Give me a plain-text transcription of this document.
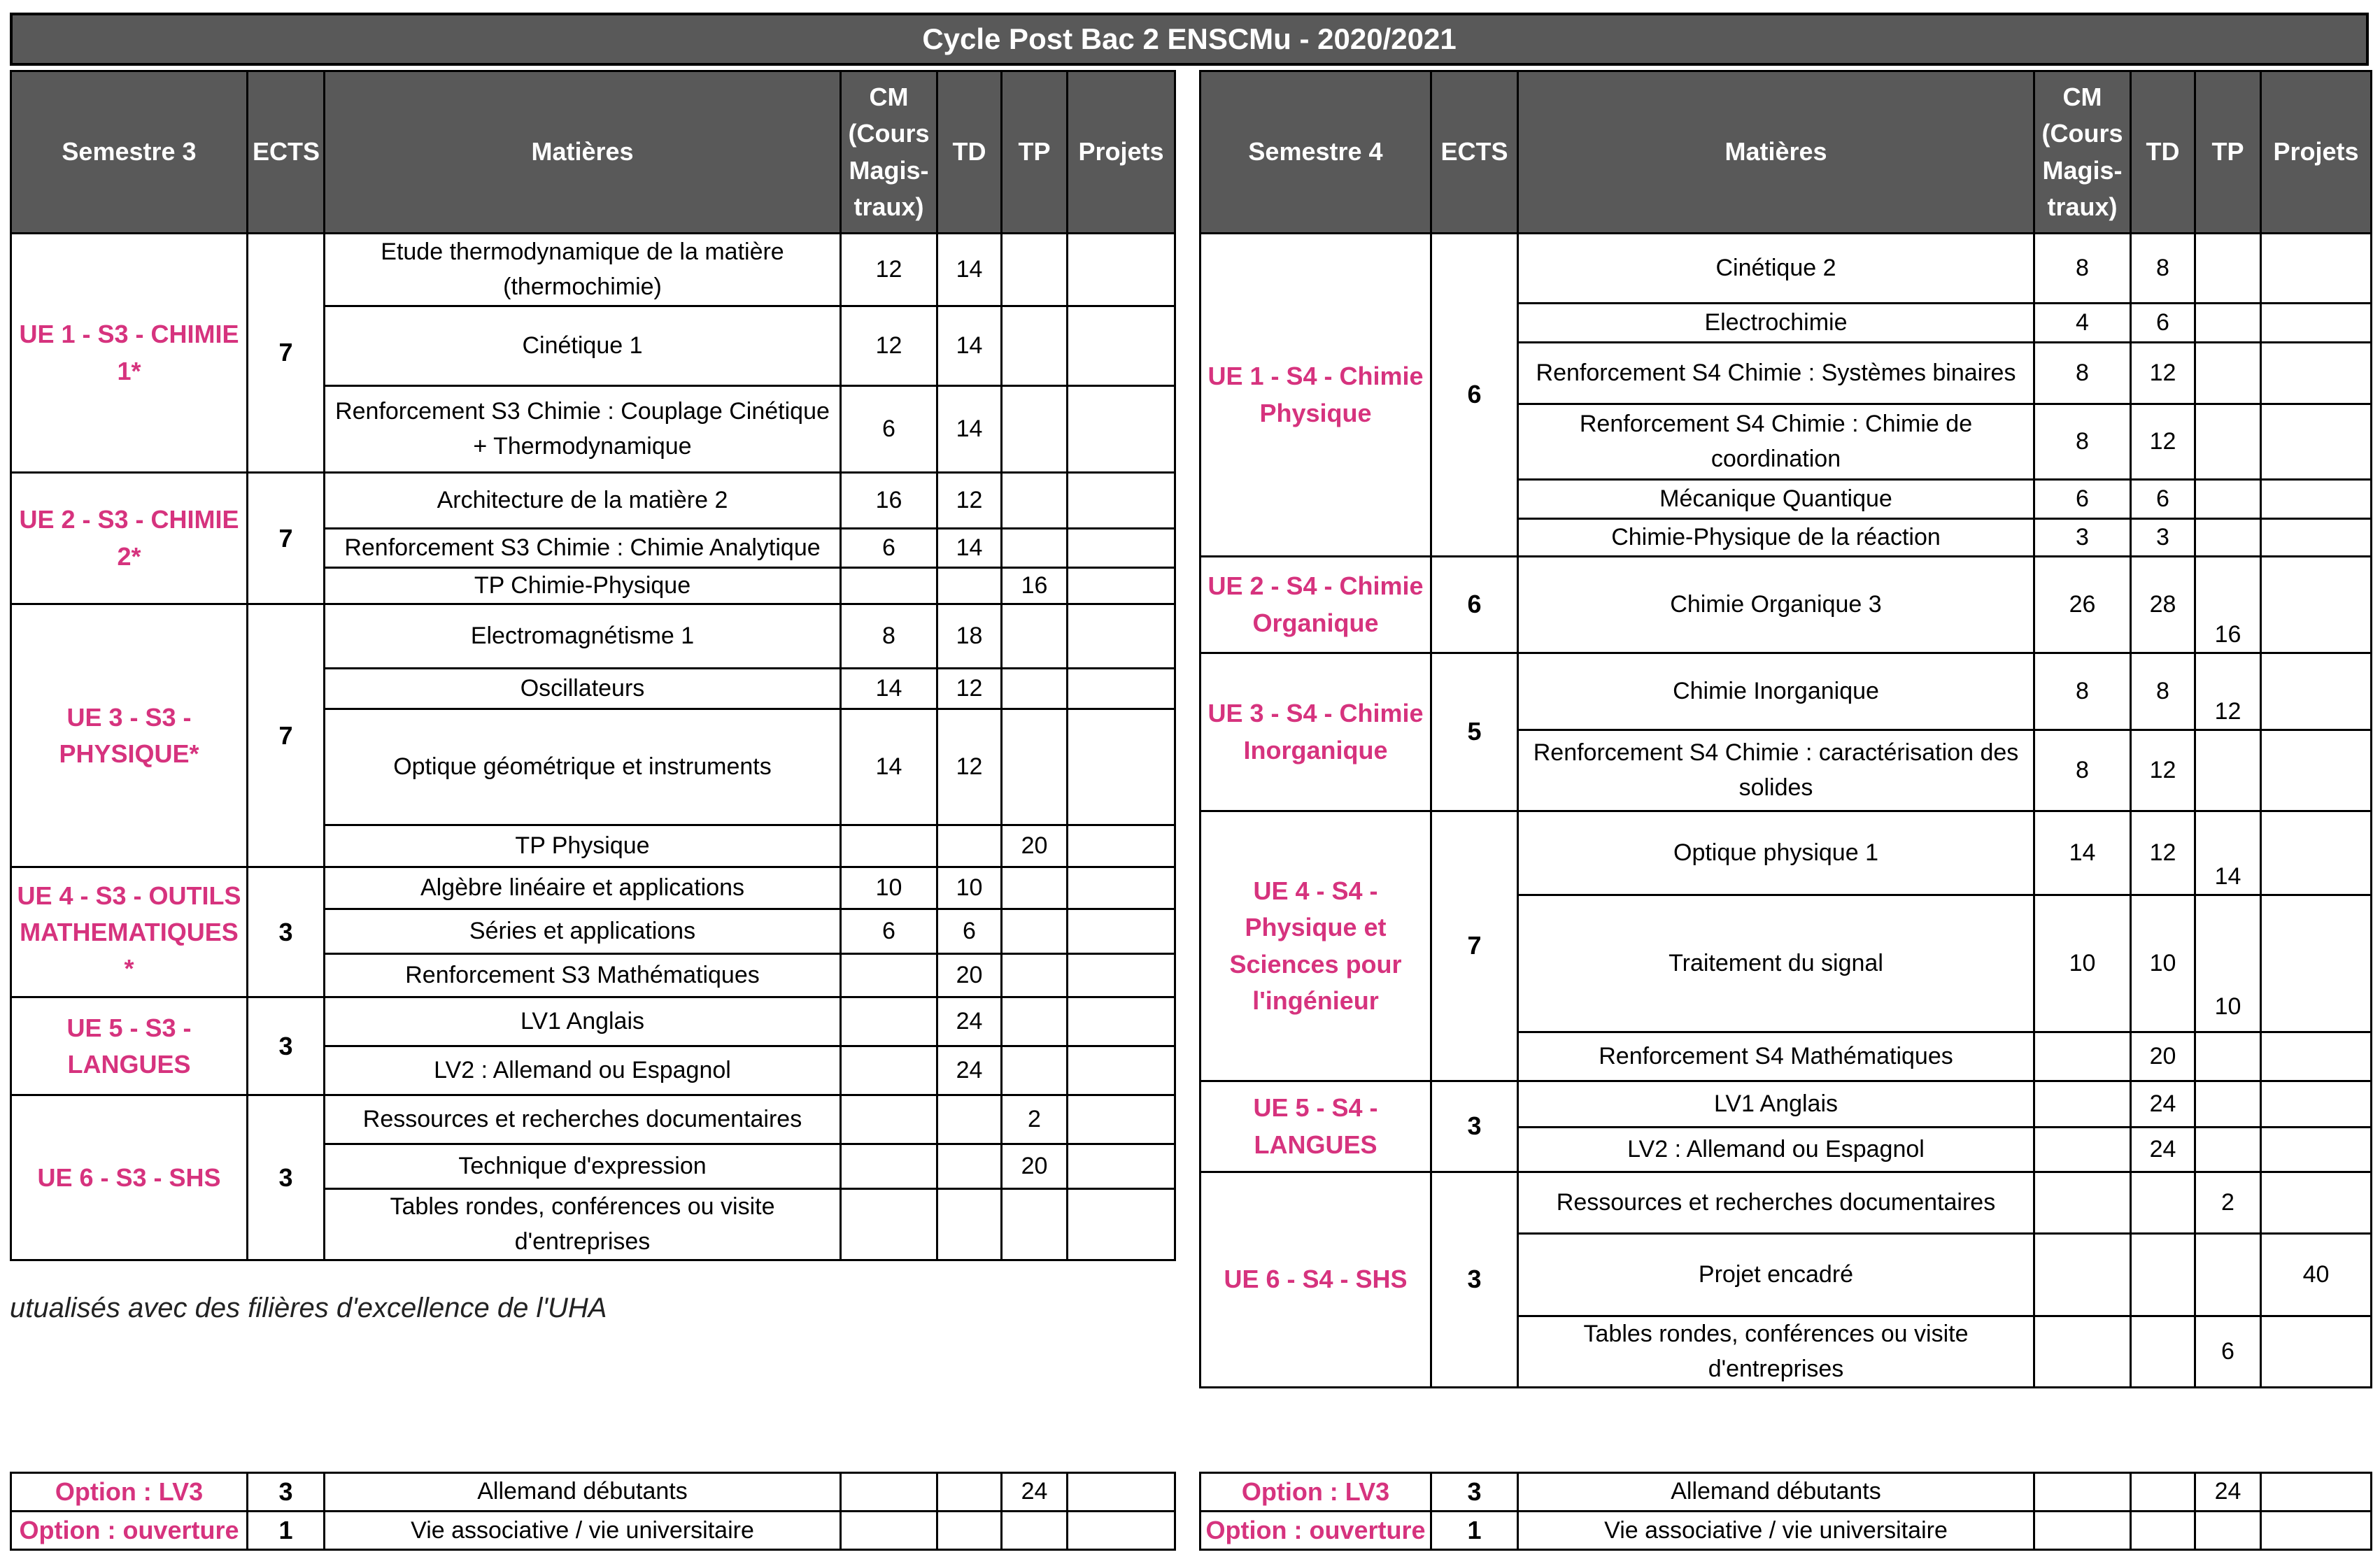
Cycle Post Bac 2 ENSCMu - 2020/2021
Semestre 3	ECTS	Matières	CM (Cours Magis-traux)	TD	TP	Projets
UE 1 - S3 - CHIMIE 1*	7	Etude thermodynamique de la matière (thermochimie)	12	14		
		Cinétique 1	12	14		
		Renforcement S3 Chimie : Couplage Cinétique + Thermodynamique	6	14		
UE 2 - S3 - CHIMIE 2*	7	Architecture de la matière 2	16	12		
		Renforcement S3 Chimie : Chimie Analytique	6	14		
		TP Chimie-Physique			16	
UE 3 - S3 - PHYSIQUE*	7	Electromagnétisme 1	8	18		
		Oscillateurs	14	12		
		Optique géométrique et instruments	14	12		
		TP Physique			20	
UE 4 - S3 - OUTILS MATHEMATIQUES *	3	Algèbre linéaire et applications	10	10		
		Séries et applications	6	6		
		Renforcement S3 Mathématiques		20		
UE 5 - S3 - LANGUES	3	LV1 Anglais		24		
		LV2 : Allemand ou Espagnol		24		
UE 6 - S3 - SHS	3	Ressources et recherches documentaires			2	
		Technique d'expression			20	
		Tables rondes, conférences ou visite d'entreprises				
Semestre 4	ECTS	Matières	CM (Cours Magis-traux)	TD	TP	Projets
UE 1 - S4 - Chimie Physique	6	Cinétique 2	8	8		
		Electrochimie	4	6		
		Renforcement S4 Chimie : Systèmes binaires	8	12		
		Renforcement S4 Chimie : Chimie de coordination	8	12		
		Mécanique Quantique	6	6		
		Chimie-Physique de la réaction	3	3		
UE 2 - S4 - Chimie Organique	6	Chimie Organique 3	26	28	16	
UE 3 - S4 - Chimie Inorganique	5	Chimie Inorganique	8	8	12	
		Renforcement S4 Chimie : caractérisation des solides	8	12		
UE 4 - S4 - Physique et Sciences pour l'ingénieur	7	Optique physique 1	14	12	14	
		Traitement du signal	10	10	10	
		Renforcement S4 Mathématiques		20		
UE 5 - S4 - LANGUES	3	LV1 Anglais		24		
		LV2 : Allemand ou Espagnol		24		
UE 6 - S4 - SHS	3	Ressources et recherches documentaires			2	
		Projet encadré				40
		Tables rondes, conférences ou visite d'entreprises			6	
utualisés avec des filières d'excellence de l'UHA
Option : LV3	3	Allemand débutants			24	
Option : ouverture	1	Vie associative / vie universitaire				
Option : LV3	3	Allemand débutants			24	
Option : ouverture	1	Vie associative / vie universitaire				
